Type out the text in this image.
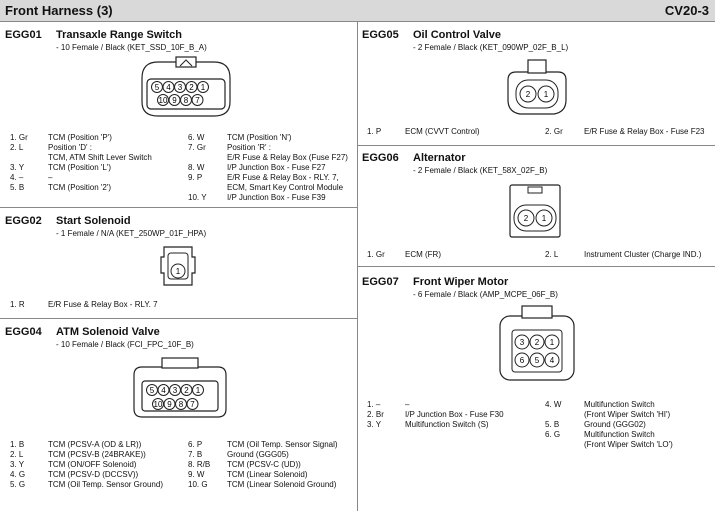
Front Harness (3)	CV20-3
EGG01 Transaxle Range Switch
- 10 Female / Black (KET_SSD_10F_B_A)
5 4 3 2 1
10 9 8 7
1. Gr	TCM (Position 'P')
2. L	Position 'D' :
TCM, ATM Shift Lever Switch
3. Y	TCM (Position 'L')
4. –	–
5. B	TCM (Position '2')
6. W	TCM (Position 'N')
7. Gr	Position 'R' :
E/R Fuse & Relay Box (Fuse F27)
8. W	I/P Junction Box - Fuse F27
9. P	E/R Fuse & Relay Box - RLY. 7,
ECM, Smart Key Control Module
10. Y	I/P Junction Box - Fuse F39
EGG02 Start Solenoid
- 1 Female / N/A (KET_250WP_01F_HPA)
1
1. R	E/R Fuse & Relay Box - RLY. 7
EGG04 ATM Solenoid Valve
- 10 Female / Black (FCI_FPC_10F_B)
5 4 3 2 1
10 9 8 7
1. B	TCM (PCSV-A (OD & LR))
2. L	TCM (PCSV-B (24BRAKE))
3. Y	TCM (ON/OFF Solenoid)
4. G	TCM (PCSV-D (DCCSV))
5. G	TCM (Oil Temp. Sensor Ground)
6. P	TCM (Oil Temp. Sensor Signal)
7. B	Ground (GGG05)
8. R/B TCM (PCSV-C (UD))
9. W	TCM (Linear Solenoid)
10. G TCM (Linear Solenoid Ground)
EGG05 Oil Control Valve
- 2 Female / Black (KET_090WP_02F_B_L)
2 1
1. P	ECM (CVVT Control)	2. Gr	E/R Fuse & Relay Box - Fuse F23
EGG06 Alternator
- 2 Female / Black (KET_58X_02F_B)
2 1
1. Gr	ECM (FR)	2. L	Instrument Cluster (Charge IND.)
EGG07 Front Wiper Motor
- 6 Female / Black (AMP_MCPE_06F_B)
3 2 1
6 5 4
1. –	–
2. Br	I/P Junction Box - Fuse F30
3. Y	Multifunction Switch (S)
4. W	Multifunction Switch
(Front Wiper Switch 'HI')
5. B	Ground (GGG02)
6. G	Multifunction Switch
(Front Wiper Switch 'LO')
